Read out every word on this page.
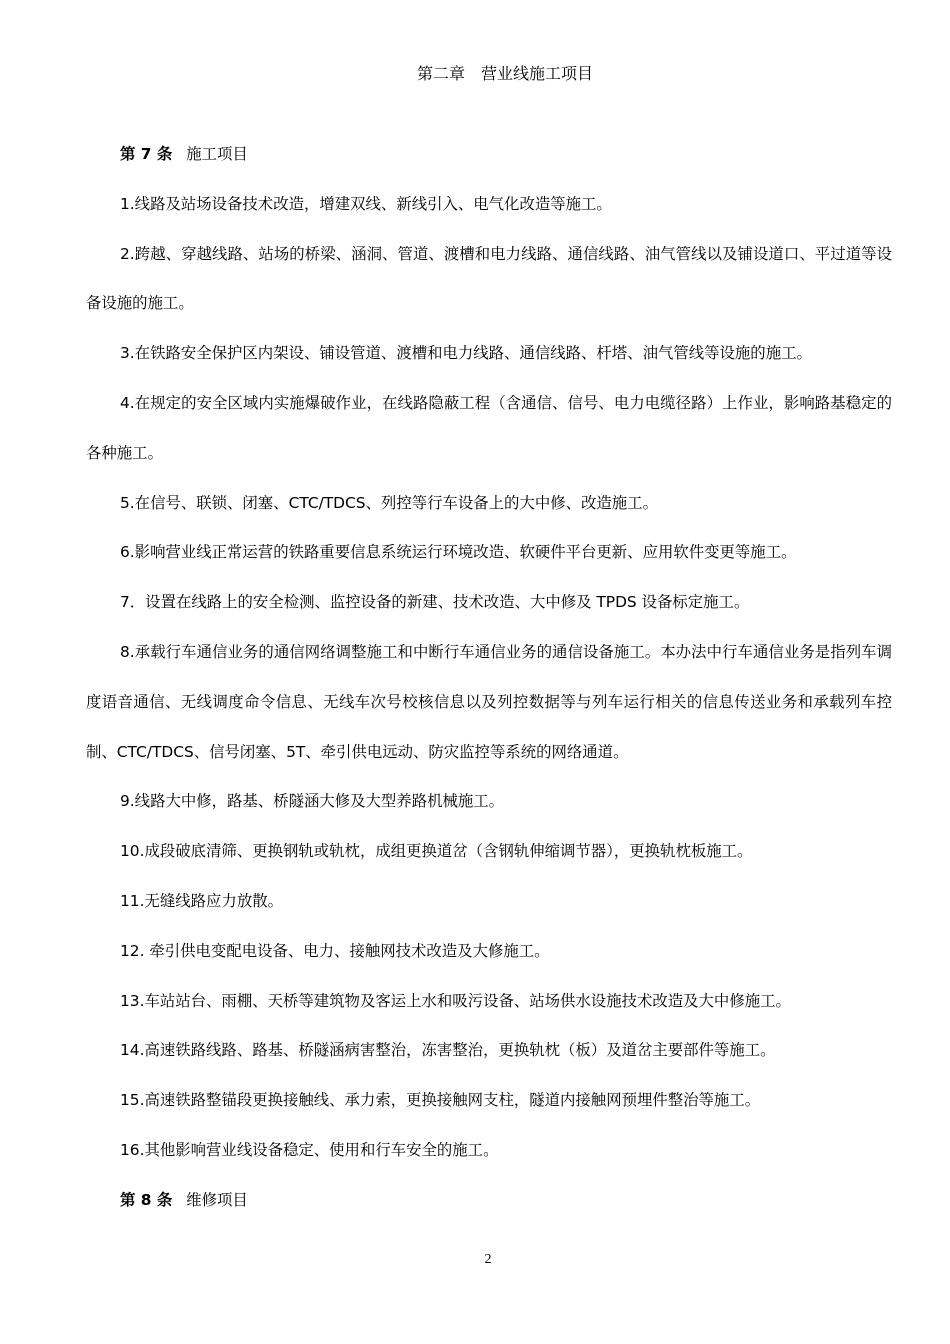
第二章　营业线施工项目

第 7 条 施工项目

1.线路及站场设备技术改造，增建双线、新线引入、电气化改造等施工。

2.跨越、穿越线路、站场的桥梁、涵洞、管道、渡槽和电力线路、通信线路、油气管线以及铺设道口、平过道等设备设施的施工。

3.在铁路安全保护区内架设、铺设管道、渡槽和电力线路、通信线路、杆塔、油气管线等设施的施工。

4.在规定的安全区域内实施爆破作业，在线路隐蔽工程（含通信、信号、电力电缆径路）上作业，影响路基稳定的各种施工。

5.在信号、联锁、闭塞、CTC/TDCS、列控等行车设备上的大中修、改造施工。

6.影响营业线正常运营的铁路重要信息系统运行环境改造、软硬件平台更新、应用软件变更等施工。

7．设置在线路上的安全检测、监控设备的新建、技术改造、大中修及 TPDS 设备标定施工。

8.承载行车通信业务的通信网络调整施工和中断行车通信业务的通信设备施工。本办法中行车通信业务是指列车调度语音通信、无线调度命令信息、无线车次号校核信息以及列控数据等与列车运行相关的信息传送业务和承载列车控制、CTC/TDCS、信号闭塞、5T、牵引供电远动、防灾监控等系统的网络通道。

9.线路大中修，路基、桥隧涵大修及大型养路机械施工。

10.成段破底清筛、更换钢轨或轨枕，成组更换道岔（含钢轨伸缩调节器），更换轨枕板施工。

11.无缝线路应力放散。

12. 牵引供电变配电设备、电力、接触网技术改造及大修施工。

13.车站站台、雨棚、天桥等建筑物及客运上水和吸污设备、站场供水设施技术改造及大中修施工。

14.高速铁路线路、路基、桥隧涵病害整治，冻害整治，更换轨枕（板）及道岔主要部件等施工。

15.高速铁路整锚段更换接触线、承力索，更换接触网支柱，隧道内接触网预埋件整治等施工。

16.其他影响营业线设备稳定、使用和行车安全的施工。

第 8 条 维修项目

2
